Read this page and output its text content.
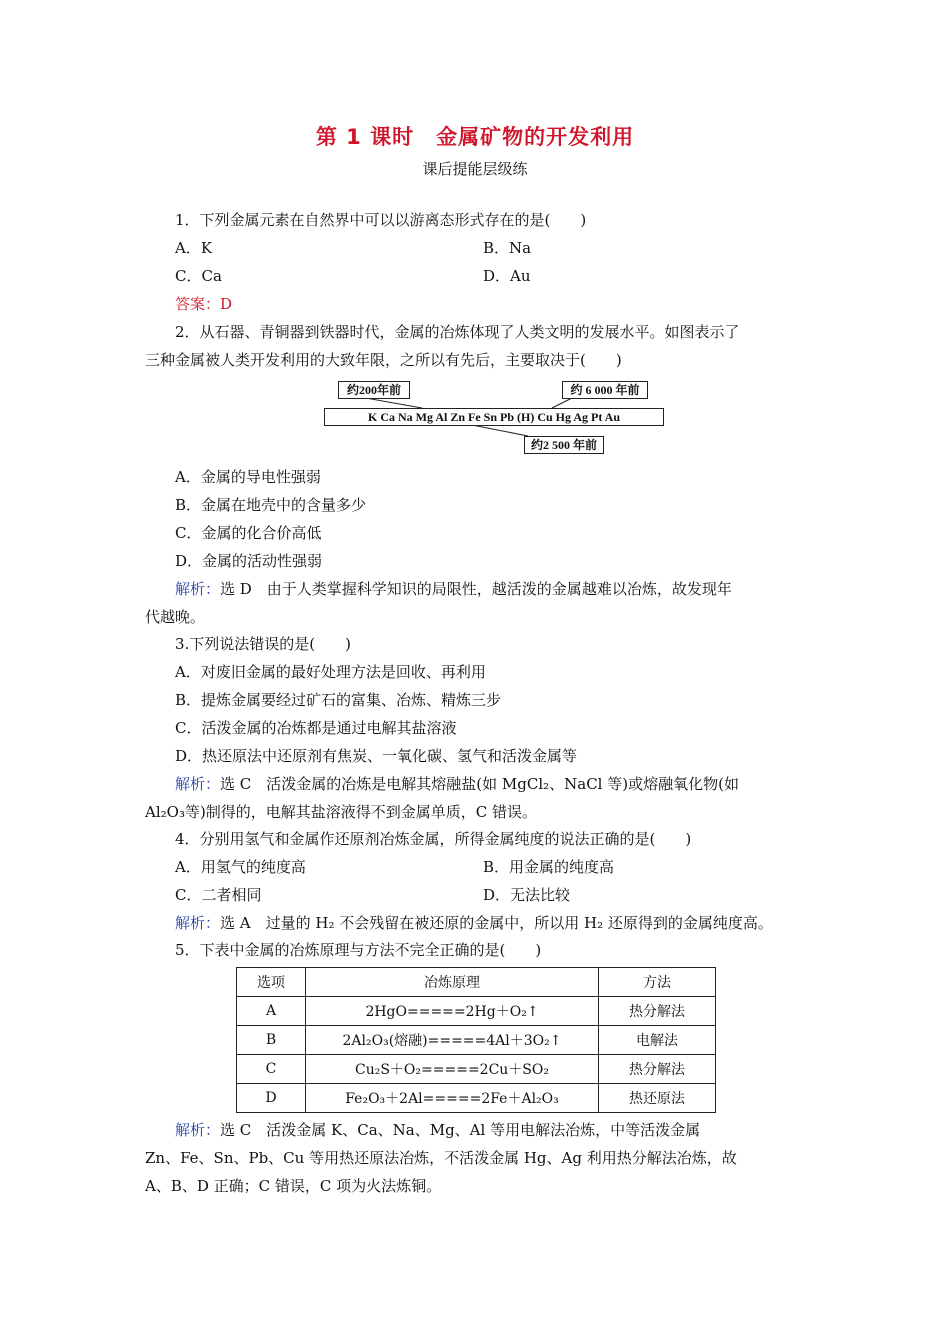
第 1 课时　金属矿物的开发利用
课后提能层级练
1．下列金属元素在自然界中可以以游离态形式存在的是(　　)
A．K	B．Na
C．Ca	D．Au
答案：D
2．从石器、青铜器到铁器时代，金属的冶炼体现了人类文明的发展水平。如图表示了
三种金属被人类开发利用的大致年限，之所以有先后，主要取决于(　　)
约200年前	约 6 000 年前
K Ca Na Mg Al Zn Fe Sn Pb (H) Cu Hg Ag Pt Au
约2 500 年前
A．金属的导电性强弱
B．金属在地壳中的含量多少
C．金属的化合价高低
D．金属的活动性强弱
解析：选 D　由于人类掌握科学知识的局限性，越活泼的金属越难以冶炼，故发现年
代越晚。
3.下列说法错误的是(　　)
A．对废旧金属的最好处理方法是回收、再利用
B．提炼金属要经过矿石的富集、冶炼、精炼三步
C．活泼金属的冶炼都是通过电解其盐溶液
D．热还原法中还原剂有焦炭、一氧化碳、氢气和活泼金属等
解析：选 C　活泼金属的冶炼是电解其熔融盐(如 MgCl₂、NaCl 等)或熔融氧化物(如
Al₂O₃等)制得的，电解其盐溶液得不到金属单质，C 错误。
4．分别用氢气和金属作还原剂冶炼金属，所得金属纯度的说法正确的是(　　)
A．用氢气的纯度高	B．用金属的纯度高
C．二者相同	D．无法比较
解析：选 A　过量的 H₂ 不会残留在被还原的金属中，所以用 H₂ 还原得到的金属纯度高。
5．下表中金属的冶炼原理与方法不完全正确的是(　　)
选项	冶炼原理	方法
A	2HgO=====2Hg＋O₂↑	热分解法
B	2Al₂O₃(熔融)=====4Al＋3O₂↑	电解法
C	Cu₂S＋O₂=====2Cu＋SO₂	热分解法
D	Fe₂O₃＋2Al=====2Fe＋Al₂O₃	热还原法
解析：选 C　活泼金属 K、Ca、Na、Mg、Al 等用电解法冶炼，中等活泼金属
Zn、Fe、Sn、Pb、Cu 等用热还原法冶炼，不活泼金属 Hg、Ag 利用热分解法冶炼，故
A、B、D 正确；C 错误，C 项为火法炼铜。
